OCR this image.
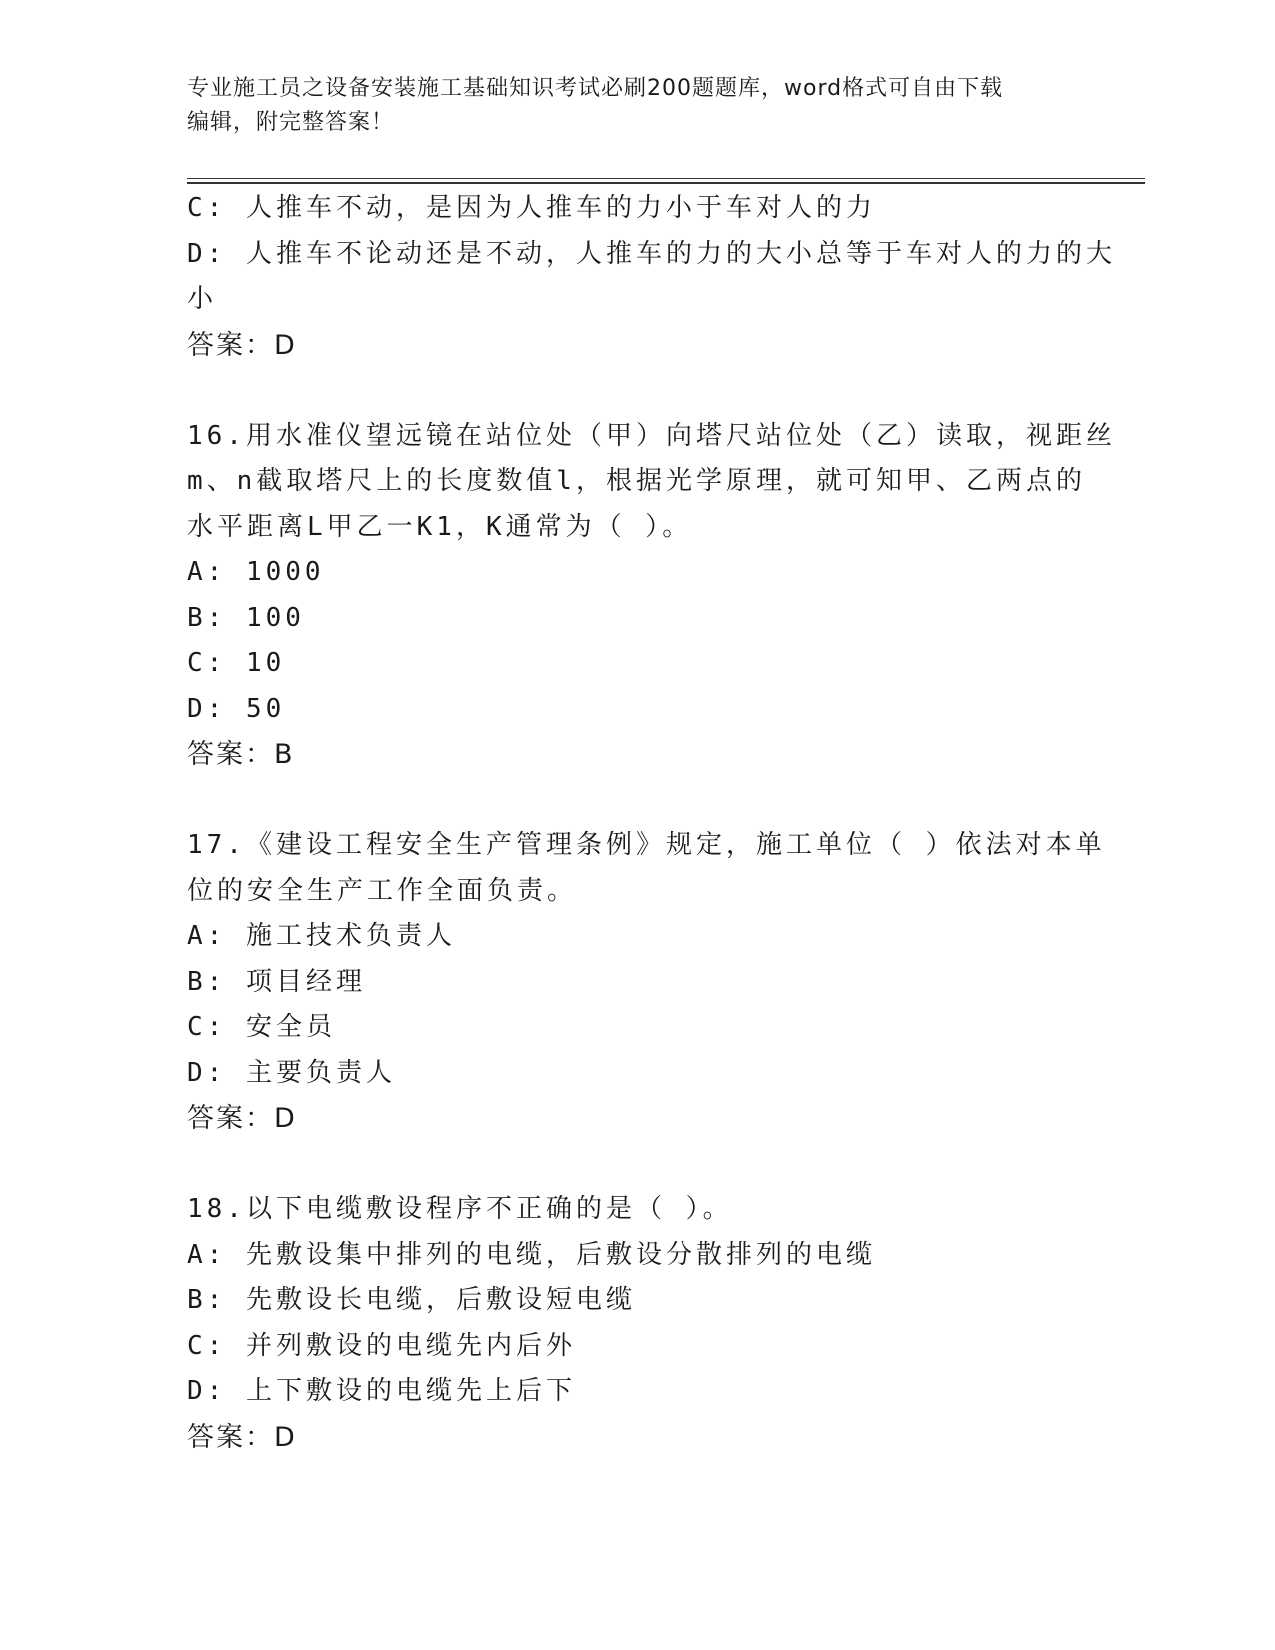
专业施工员之设备安装施工基础知识考试必刷200题题库，word格式可自由下载
编辑，附完整答案！
C: 人推车不动，是因为人推车的力小于车对人的力
D: 人推车不论动还是不动，人推车的力的大小总等于车对人的力的大
小
答案：D
16.用水准仪望远镜在站位处（甲）向塔尺站位处（乙）读取，视距丝
m、n截取塔尺上的长度数值l，根据光学原理，就可知甲、乙两点的
水平距离L甲乙一K1，K通常为（ ）。
A: 1000
B: 100
C: 10
D: 50
答案：B
17.《建设工程安全生产管理条例》规定，施工单位（ ）依法对本单
位的安全生产工作全面负责。
A: 施工技术负责人
B: 项目经理
C: 安全员
D: 主要负责人
答案：D
18.以下电缆敷设程序不正确的是（ ）。
A: 先敷设集中排列的电缆，后敷设分散排列的电缆
B: 先敷设长电缆，后敷设短电缆
C: 并列敷设的电缆先内后外
D: 上下敷设的电缆先上后下
答案：D
